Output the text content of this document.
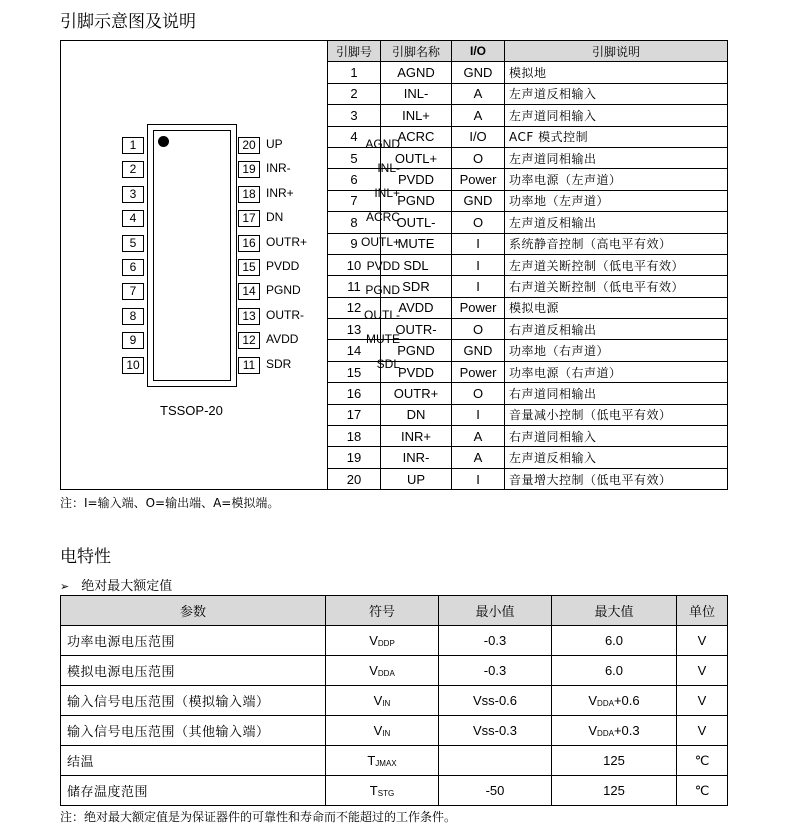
引脚示意图及说明
AGND
1
INL-
2
INL+
3
ACRC
4
OUTL+
5
PVDD
6
PGND
7
OUTL-
8
MUTE
9
SDL
10
UP
20
INR-
19
INR+
18
DN
17
OUTR+
16
PVDD
15
PGND
14
OUTR-
13
AVDD
12
SDR
11
TSSOP-20
引脚号	引脚名称	I/O	引脚说明
1	AGND	GND	模拟地
2	INL-	A	左声道反相输入
3	INL+	A	左声道同相输入
4	ACRC	I/O	ACF 模式控制
5	OUTL+	O	左声道同相输出
6	PVDD	Power	功率电源（左声道）
7	PGND	GND	功率地（左声道）
8	OUTL-	O	左声道反相输出
9	MUTE	I	系统静音控制（高电平有效）
10	SDL	I	左声道关断控制（低电平有效）
11	SDR	I	右声道关断控制（低电平有效）
12	AVDD	Power	模拟电源
13	OUTR-	O	右声道反相输出
14	PGND	GND	功率地（右声道）
15	PVDD	Power	功率电源（右声道）
16	OUTR+	O	右声道同相输出
17	DN	I	音量减小控制（低电平有效）
18	INR+	A	右声道同相输入
19	INR-	A	左声道反相输入
20	UP	I	音量增大控制（低电平有效）
注：I=输入端、O=输出端、A=模拟端。
电特性
➢ 绝对最大额定值
参数	符号	最小值	最大值	单位
功率电源电压范围	$V_{DDP}$	-0.3	6.0	V
模拟电源电压范围	$V_{DDA}$	-0.3	6.0	V
输入信号电压范围（模拟输入端）	$V_{IN}$	Vss-0.6	$V_{DDA}+0.6$	V
输入信号电压范围（其他输入端）	$V_{IN}$	Vss-0.3	$V_{DDA}+0.3$	V
结温	$T_{JMAX}$		125	℃
储存温度范围	$T_{STG}$	-50	125	℃
注：绝对最大额定值是为保证器件的可靠性和寿命而不能超过的工作条件。
